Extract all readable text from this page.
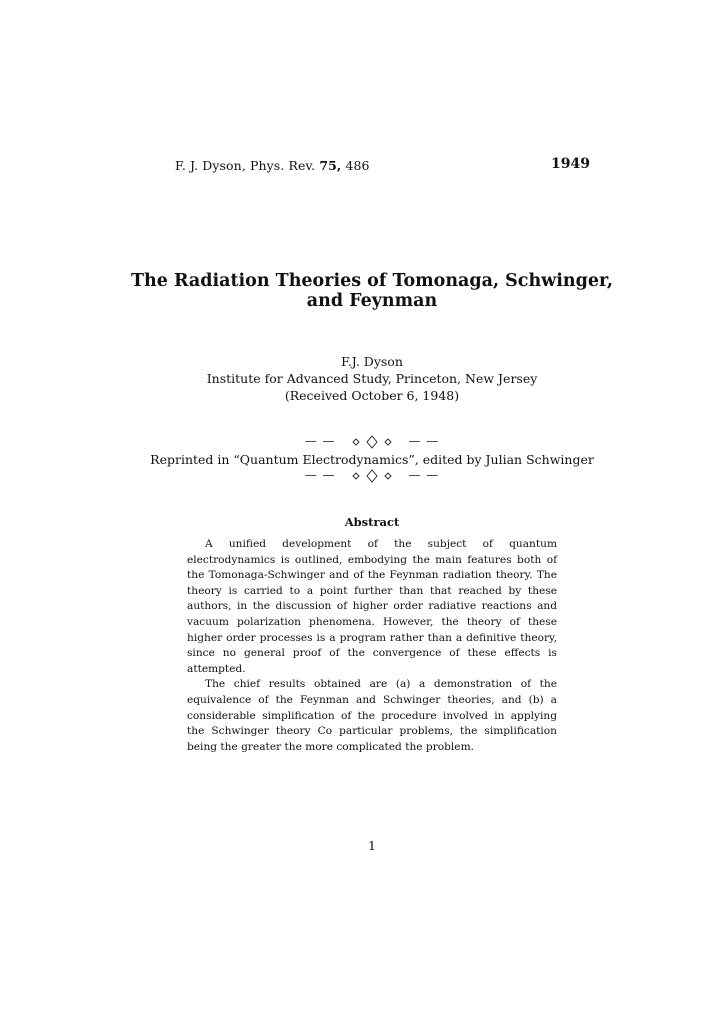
F. J. Dyson, Phys. Rev. 75, 486	1949
The Radiation Theories of Tomonaga, Schwinger,
and Feynman
F.J. Dyson
Institute for Advanced Study, Princeton, New Jersey
(Received October 6, 1948)
— —	— —
Reprinted in “Quantum Electrodynamics”, edited by Julian Schwinger
— —	— —
Abstract

A unified development of the subject of quantum electrodynamics is outlined, embodying the main features both of the Tomonaga-Schwinger and of the Feynman radiation theory. The theory is carried to a point further than that reached by these authors, in the discussion of higher order radiative reactions and vacuum polarization phenomena. However, the theory of these higher order processes is a program rather than a definitive theory, since no general proof of the convergence of these effects is attempted.

The chief results obtained are (a) a demonstration of the equivalence of the Feynman and Schwinger theories, and (b) a considerable simplification of the procedure involved in applying the Schwinger theory Co particular problems, the simplification being the greater the more complicated the problem.

1
